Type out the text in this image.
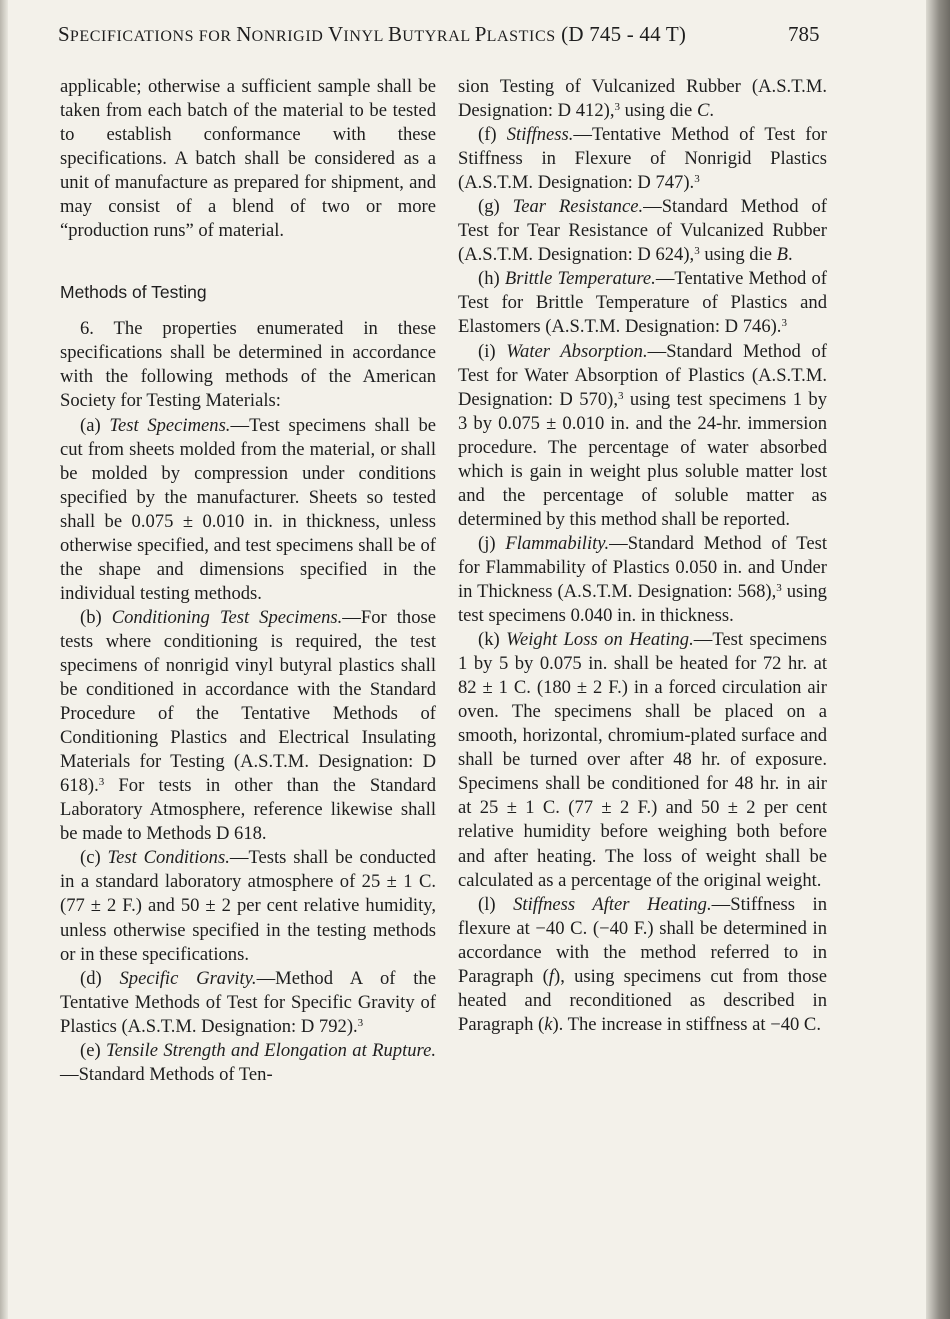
SPECIFICATIONS FOR NONRIGID VINYL BUTYRAL PLASTICS (D 745 - 44 T)	785

applicable; otherwise a sufficient sample shall be taken from each batch of the material to be tested to establish conformance with these specifications. A batch shall be considered as a unit of manufacture as prepared for shipment, and may consist of a blend of two or more “production runs” of material.

Methods of Testing

6. The properties enumerated in these specifications shall be determined in accordance with the following methods of the American Society for Testing Materials:

(a) Test Specimens.—Test specimens shall be cut from sheets molded from the material, or shall be molded by compression under conditions specified by the manufacturer. Sheets so tested shall be 0.075 ± 0.010 in. in thickness, unless otherwise specified, and test specimens shall be of the shape and dimensions specified in the individual testing methods.

(b) Conditioning Test Specimens.—For those tests where conditioning is required, the test specimens of nonrigid vinyl butyral plastics shall be conditioned in accordance with the Standard Procedure of the Tentative Methods of Conditioning Plastics and Electrical Insulating Materials for Testing (A.S.T.M. Designation: D 618).$^3$ For tests in other than the Standard Laboratory Atmosphere, reference likewise shall be made to Methods D 618.

(c) Test Conditions.—Tests shall be conducted in a standard laboratory atmosphere of 25 ± 1 C. (77 ± 2 F.) and 50 ± 2 per cent relative humidity, unless otherwise specified in the testing methods or in these specifications.

(d) Specific Gravity.—Method A of the Tentative Methods of Test for Specific Gravity of Plastics (A.S.T.M. Designation: D 792).$^3$

(e) Tensile Strength and Elongation at Rupture.—Standard Methods of Ten-

sion Testing of Vulcanized Rubber (A.S.T.M. Designation: D 412),$^3$ using die C.

(f) Stiffness.—Tentative Method of Test for Stiffness in Flexure of Nonrigid Plastics (A.S.T.M. Designation: D 747).$^3$

(g) Tear Resistance.—Standard Method of Test for Tear Resistance of Vulcanized Rubber (A.S.T.M. Designation: D 624),$^3$ using die B.

(h) Brittle Temperature.—Tentative Method of Test for Brittle Temperature of Plastics and Elastomers (A.S.T.M. Designation: D 746).$^3$

(i) Water Absorption.—Standard Method of Test for Water Absorption of Plastics (A.S.T.M. Designation: D 570),$^3$ using test specimens 1 by 3 by 0.075 ± 0.010 in. and the 24-hr. immersion procedure. The percentage of water absorbed which is gain in weight plus soluble matter lost and the percentage of soluble matter as determined by this method shall be reported.

(j) Flammability.—Standard Method of Test for Flammability of Plastics 0.050 in. and Under in Thickness (A.S.T.M. Designation: 568),$^3$ using test specimens 0.040 in. in thickness.

(k) Weight Loss on Heating.—Test specimens 1 by 5 by 0.075 in. shall be heated for 72 hr. at 82 ± 1 C. (180 ± 2 F.) in a forced circulation air oven. The specimens shall be placed on a smooth, horizontal, chromium-plated surface and shall be turned over after 48 hr. of exposure. Specimens shall be conditioned for 48 hr. in air at 25 ± 1 C. (77 ± 2 F.) and 50 ± 2 per cent relative humidity before weighing both before and after heating. The loss of weight shall be calculated as a percentage of the original weight.

(l) Stiffness After Heating.—Stiffness in flexure at −40 C. (−40 F.) shall be determined in accordance with the method referred to in Paragraph (f), using specimens cut from those heated and reconditioned as described in Paragraph (k). The increase in stiffness at −40 C.
